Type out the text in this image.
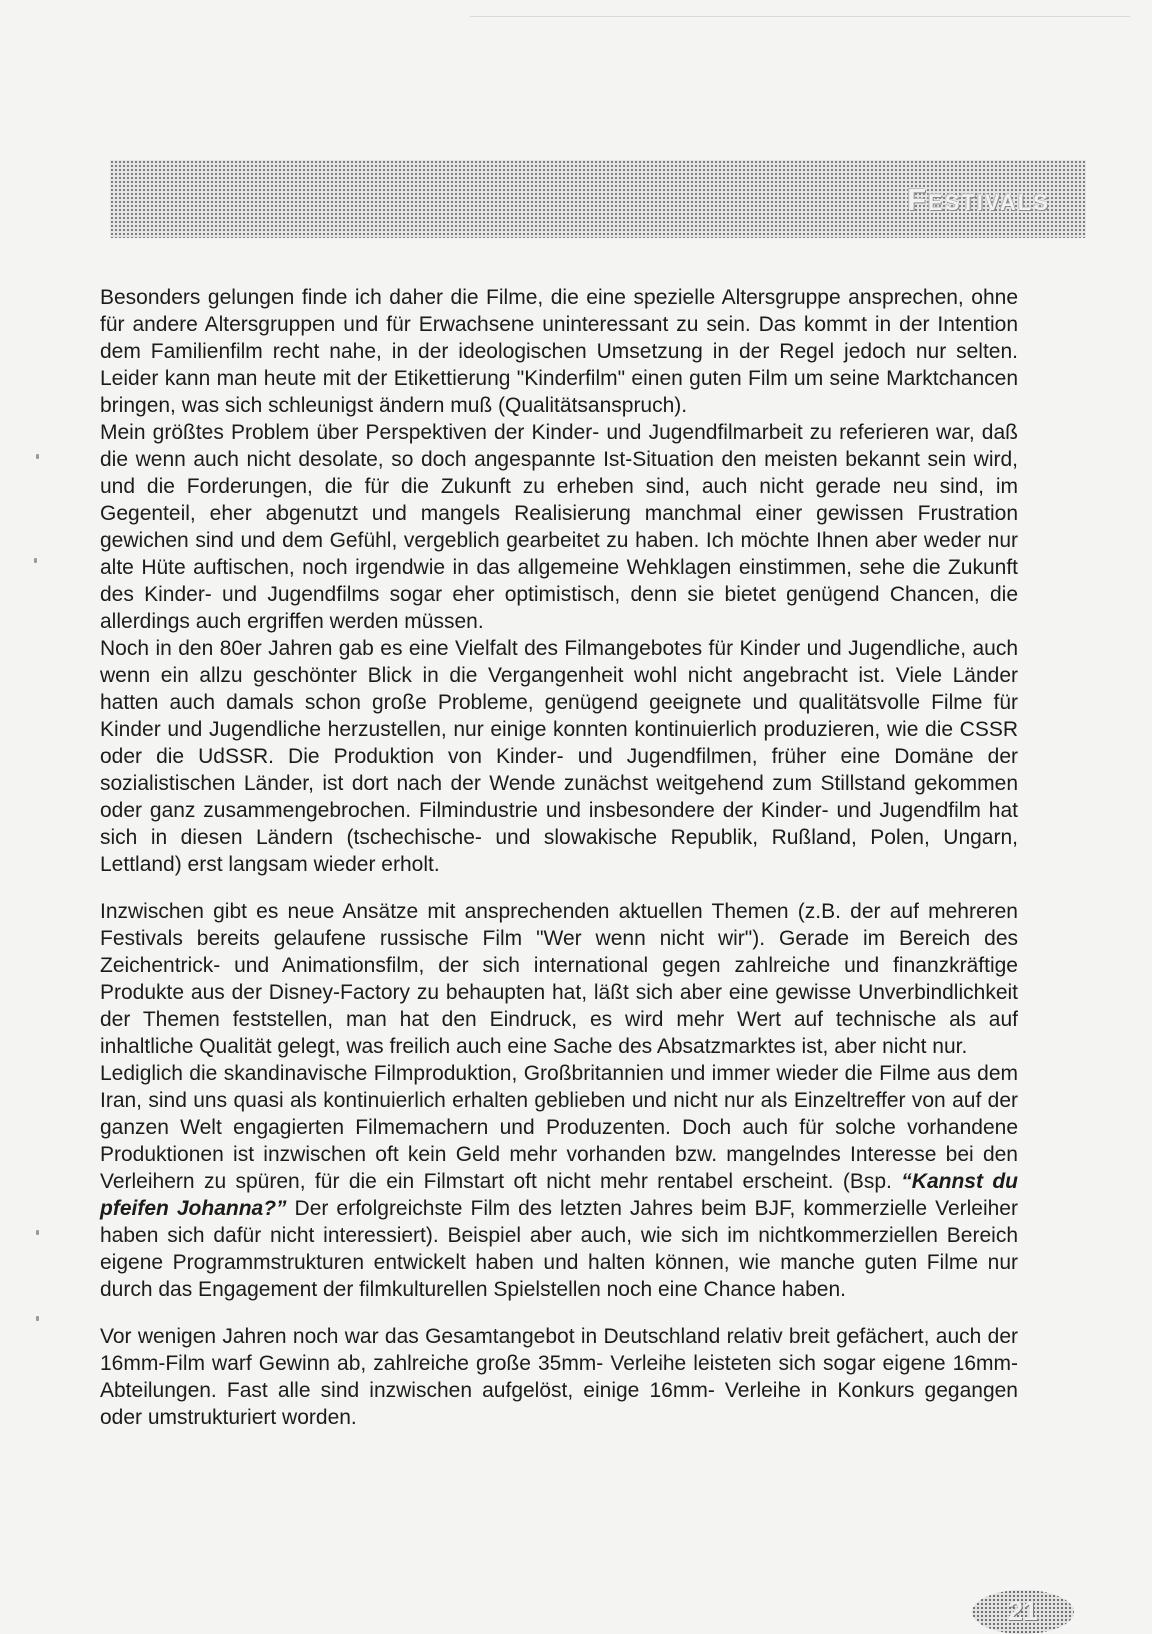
Festivals

Besonders gelungen finde ich daher die Filme, die eine spezielle Altersgruppe ansprechen, ohne für andere Altersgruppen und für Erwachsene uninteressant zu sein. Das kommt in der Intention dem Familienfilm recht nahe, in der ideologischen Umsetzung in der Regel jedoch nur selten. Leider kann man heute mit der Etikettierung "Kinderfilm" einen guten Film um seine Marktchancen bringen, was sich schleunigst ändern muß (Qualitätsanspruch).

Mein größtes Problem über Perspektiven der Kinder- und Jugendfilmarbeit zu referieren war, daß die wenn auch nicht desolate, so doch angespannte Ist-Situation den meisten bekannt sein wird, und die Forderungen, die für die Zukunft zu erheben sind, auch nicht gerade neu sind, im Gegenteil, eher abgenutzt und mangels Realisierung manchmal einer gewissen Frustration gewichen sind und dem Gefühl, vergeblich gearbeitet zu haben. Ich möchte Ihnen aber weder nur alte Hüte auftischen, noch irgendwie in das allgemeine Wehklagen einstimmen, sehe die Zukunft des Kinder- und Jugendfilms sogar eher optimistisch, denn sie bietet genügend Chancen, die allerdings auch ergriffen werden müssen.

Noch in den 80er Jahren gab es eine Vielfalt des Filmangebotes für Kinder und Jugendliche, auch wenn ein allzu geschönter Blick in die Vergangenheit wohl nicht angebracht ist. Viele Länder hatten auch damals schon große Probleme, genügend geeignete und qualitätsvolle Filme für Kinder und Jugendliche herzustellen, nur einige konnten kontinuierlich produzieren, wie die CSSR oder die UdSSR. Die Produktion von Kinder- und Jugendfilmen, früher eine Domäne der sozialistischen Länder, ist dort nach der Wende zunächst weitgehend zum Stillstand gekommen oder ganz zusammengebrochen. Filmindustrie und insbesondere der Kinder- und Jugendfilm hat sich in diesen Ländern (tschechische- und slowakische Republik, Rußland, Polen, Ungarn, Lettland) erst langsam wieder erholt.

Inzwischen gibt es neue Ansätze mit ansprechenden aktuellen Themen (z.B. der auf mehreren Festivals bereits gelaufene russische Film "Wer wenn nicht wir"). Gerade im Bereich des Zeichentrick- und Animationsfilm, der sich international gegen zahlreiche und finanzkräftige Produkte aus der Disney-Factory zu behaupten hat, läßt sich aber eine gewisse Unverbindlichkeit der Themen feststellen, man hat den Eindruck, es wird mehr Wert auf technische als auf inhaltliche Qualität gelegt, was freilich auch eine Sache des Absatzmarktes ist, aber nicht nur.

Lediglich die skandinavische Filmproduktion, Großbritannien und immer wieder die Filme aus dem Iran, sind uns quasi als kontinuierlich erhalten geblieben und nicht nur als Einzeltreffer von auf der ganzen Welt engagierten Filmemachern und Produzenten. Doch auch für solche vorhandene Produktionen ist inzwischen oft kein Geld mehr vorhanden bzw. mangelndes Interesse bei den Verleihern zu spüren, für die ein Filmstart oft nicht mehr rentabel erscheint. (Bsp. “Kannst du pfeifen Johanna?” Der erfolgreichste Film des letzten Jahres beim BJF, kommerzielle Verleiher haben sich dafür nicht interessiert). Beispiel aber auch, wie sich im nichtkommerziellen Bereich eigene Programmstrukturen entwickelt haben und halten können, wie manche guten Filme nur durch das Engagement der filmkulturellen Spielstellen noch eine Chance haben.

Vor wenigen Jahren noch war das Gesamtangebot in Deutschland relativ breit gefächert, auch der 16mm-Film warf Gewinn ab, zahlreiche große 35mm- Verleihe leisteten sich sogar eigene 16mm-Abteilungen. Fast alle sind inzwischen aufgelöst, einige 16mm- Verleihe in Konkurs gegangen oder umstrukturiert worden.

21
